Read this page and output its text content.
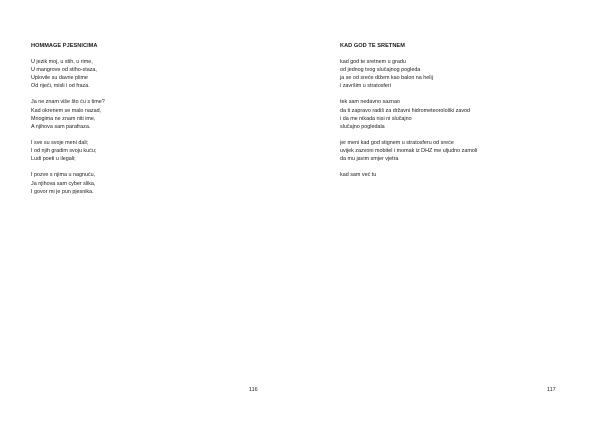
HOMMAGE PJESNICIMA
U jezik moj, u stih, u rime,
U mangrove od stiho-staza,
Uplovile su davne plime
Od riječi, misli i od fraza.
Ja ne znam više što ću s time?
Kad okrenem se malo nazad,
Mnogima ne znam niti ime,
A njihova sam parafraza.
I sve su svoje meni dali;
I od njih gradim svoju kuću;
Ludi poeti u ilegali;
I pozve s njima u nagnuću,
Ja njihova sam cyber slika,
I govor mi je pun pjesnika.
116
KAD GOD TE SRETNEM
kad god te sretnem u gradu
od jednog tvog slučajnog pogleda
ja se od sreće dižem kao balon na helij
i završim u stratosferi
tek sam nedavno saznao
da ti zapravo radiš za državni hidrometeorološki zavod
i da me nikada nisi ni slučajno
slučajno pogledala
jer meni kad god stignem u stratosferu od sreće
uvijek zazvoni mobitel i momak iz DHZ me uljudno zamoli
da mu javim smjer vjetra
kad sam već tu
117
